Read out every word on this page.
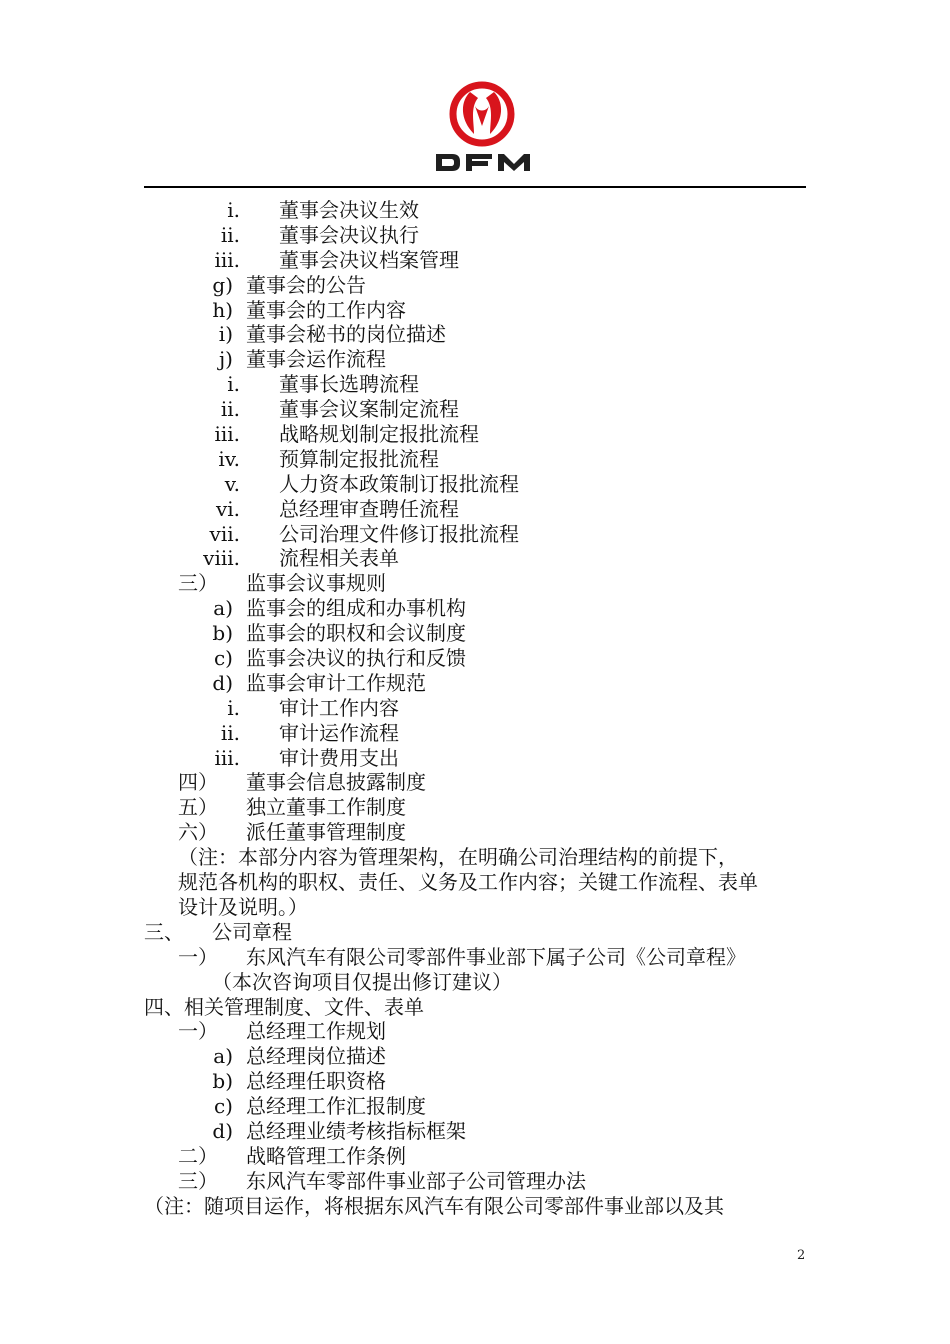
i. 董事会决议生效
ii. 董事会决议执行
iii. 董事会决议档案管理
g) 董事会的公告
h) 董事会的工作内容
i) 董事会秘书的岗位描述
j) 董事会运作流程
i. 董事长选聘流程
ii. 董事会议案制定流程
iii. 战略规划制定报批流程
iv. 预算制定报批流程
v. 人力资本政策制订报批流程
vi. 总经理审查聘任流程
vii. 公司治理文件修订报批流程
viii. 流程相关表单
三） 监事会议事规则
a) 监事会的组成和办事机构
b) 监事会的职权和会议制度
c) 监事会决议的执行和反馈
d) 监事会审计工作规范
i. 审计工作内容
ii. 审计运作流程
iii. 审计费用支出
四） 董事会信息披露制度
五） 独立董事工作制度
六） 派任董事管理制度
（注：本部分内容为管理架构，在明确公司治理结构的前提下，
规范各机构的职权、责任、义务及工作内容；关键工作流程、表单
设计及说明。）
三、 公司章程
一） 东风汽车有限公司零部件事业部下属子公司《公司章程》
（本次咨询项目仅提出修订建议）
四、相关管理制度、文件、表单
一） 总经理工作规划
a) 总经理岗位描述
b) 总经理任职资格
c) 总经理工作汇报制度
d) 总经理业绩考核指标框架
二） 战略管理工作条例
三） 东风汽车零部件事业部子公司管理办法
（注：随项目运作，将根据东风汽车有限公司零部件事业部以及其
2
